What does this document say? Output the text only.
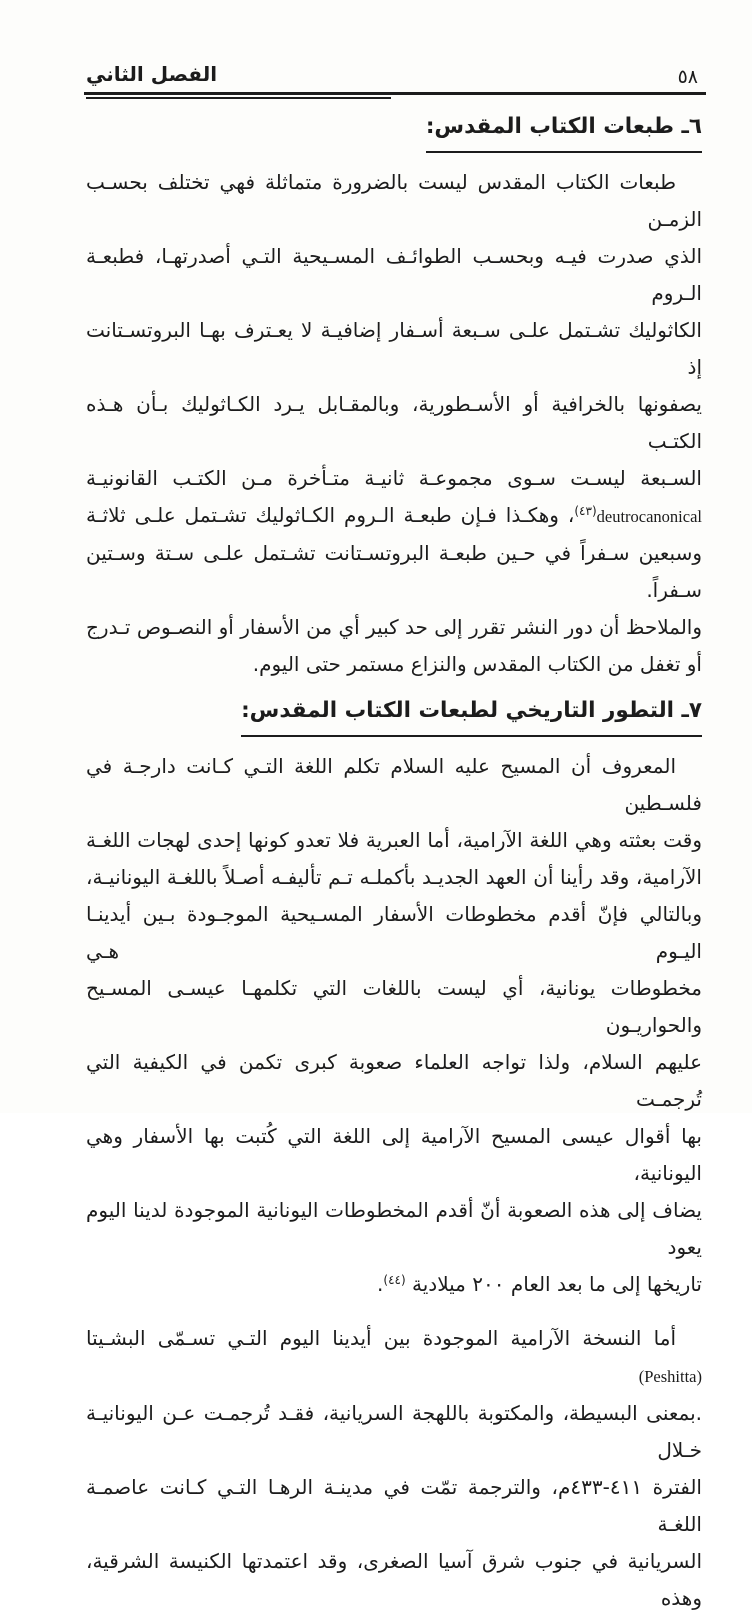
٥٨
الفصل الثاني
٦ـ طبعات الكتاب المقدس:
طبعات الكتاب المقدس ليست بالضرورة متماثلة فهي تختلف بحسـب الزمـن
الذي صدرت فيـه وبحسـب الطوائـف المسـيحية التـي أصدرتهـا، فطبعـة الـروم
الكاثوليك تشـتمل علـى سـبعة أسـفار إضافيـة لا يعـترف بهـا البروتسـتانت إذ
يصفونها بالخرافية أو الأسـطورية، وبالمقـابل يـرد الكـاثوليك بـأن هـذه الكتـب
السـبعة ليسـت سـوى مجموعـة ثانيـة متـأخرة مـن الكتـب القانونيـة
deutrocanonical$^{(٤٣)}$، وهكـذا فـإن طبعـة الـروم الكـاثوليك تشـتمل علـى ثلاثـة
وسبعين سـفراً في حـين طبعـة البروتسـتانت تشـتمل علـى سـتة وسـتين سـفراً.
والملاحظ أن دور النشر تقرر إلى حد كبير أي من الأسفار أو النصـوص تـدرج
أو تغفل من الكتاب المقدس والنزاع مستمر حتى اليوم.
٧ـ التطور التاريخي لطبعات الكتاب المقدس:
المعروف أن المسيح عليه السلام تكلم اللغة التـي كـانت دارجـة في فلسـطين
وقت بعثته وهي اللغة الآرامية، أما العبرية فلا تعدو كونها إحدى لهجات اللغـة
الآرامية، وقد رأينا أن العهد الجديـد بأكملـه تـم تأليفـه أصـلاً باللغـة اليونانيـة،
وبالتالي فإنّ أقدم مخطوطات الأسفار المسـيحية الموجـودة بـين أيدينـا اليـوم هـي
مخطوطات يونانية، أي ليست باللغات التي تكلمهـا عيسـى المسـيح والحواريـون
عليهم السلام، ولذا تواجه العلماء صعوبة كبرى تكمن في الكيفية التي تُرجمـت
بها أقوال عيسى المسيح الآرامية إلى اللغة التي كُتبت بها الأسفار وهي اليونانية،
يضاف إلى هذه الصعوبة أنّ أقدم المخطوطات اليونانية الموجودة لدينا اليوم يعود
تاريخها إلى ما بعد العام ٢٠٠ ميلادية $^{(٤٤)}$.
أما النسخة الآرامية الموجودة بين أيدينا اليوم التـي تسـمّى البشـيتا (Peshitta)
.بمعنى البسيطة، والمكتوبة باللهجة السريانية، فقـد تُرجمـت عـن اليونانيـة خـلال
الفترة ٤١١-٤٣٣م، والترجمة تمّت في مدينـة الرهـا التـي كـانت عاصمـة اللغـة
السريانية في جنوب شرق آسيا الصغرى، وقد اعتمدتها الكنيسة الشرقية، وهذه
